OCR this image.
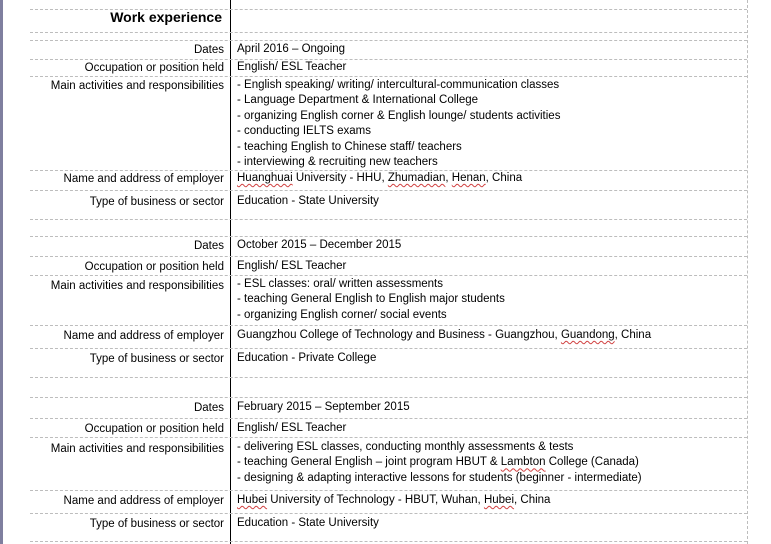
Work experience
Dates April 2016 – Ongoing
Occupation or position held English/ ESL Teacher
Main activities and responsibilities - English speaking/ writing/ intercultural-communication classes
- Language Department & International College
- organizing English corner & English lounge/ students activities
- conducting IELTS exams
- teaching English to Chinese staff/ teachers
- interviewing & recruiting new teachers
Name and address of employer Huanghuai University - HHU, Zhumadian, Henan, China
Type of business or sector Education - State University
Dates October 2015 – December 2015
Occupation or position held English/ ESL Teacher
Main activities and responsibilities - ESL classes: oral/ written assessments
- teaching General English to English major students
- organizing English corner/ social events
Name and address of employer Guangzhou College of Technology and Business - Guangzhou, Guandong, China
Type of business or sector Education - Private College
Dates February 2015 – September 2015
Occupation or position held English/ ESL Teacher
Main activities and responsibilities - delivering ESL classes, conducting monthly assessments & tests
- teaching General English – joint program HBUT & Lambton College (Canada)
- designing & adapting interactive lessons for students (beginner - intermediate)
Name and address of employer Hubei University of Technology - HBUT, Wuhan, Hubei, China
Type of business or sector Education - State University
